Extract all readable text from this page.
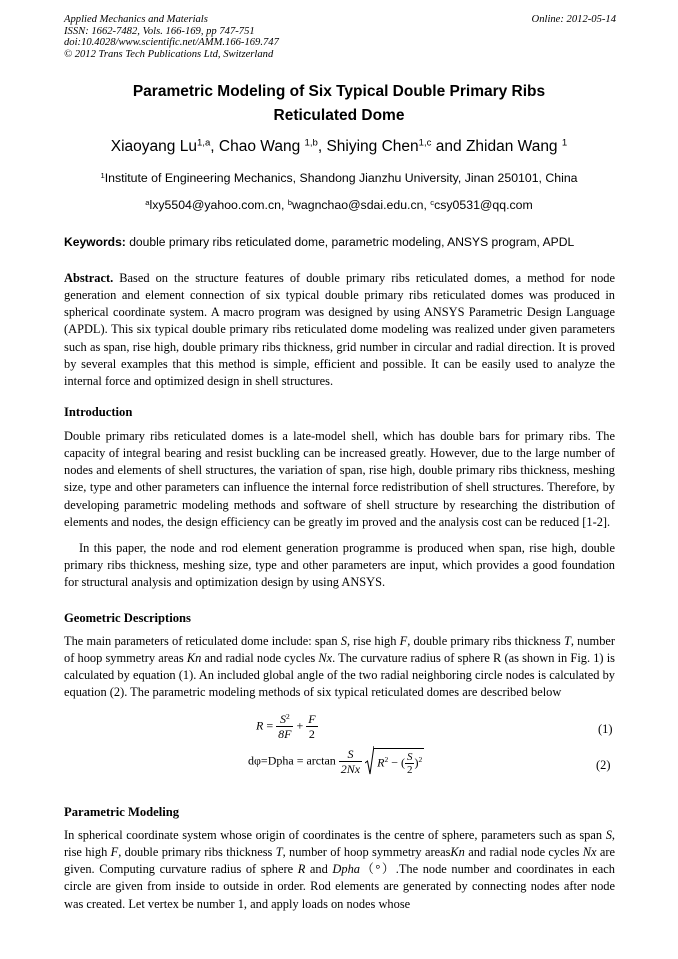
Applied Mechanics and Materials
ISSN: 1662-7482, Vols. 166-169, pp 747-751
doi:10.4028/www.scientific.net/AMM.166-169.747
© 2012 Trans Tech Publications Ltd, Switzerland
Online: 2012-05-14
Parametric Modeling of Six Typical Double Primary Ribs
Reticulated Dome
Xiaoyang Lu$^{1,a}$, Chao Wang $^{1,b}$, Shiying Chen$^{1,c}$ and Zhidan Wang $^1$
$^1$Institute of Engineering Mechanics, Shandong Jianzhu University, Jinan 250101, China
$^a$lxy5504@yahoo.com.cn, $^b$wagnchao@sdai.edu.cn, $^c$csy0531@qq.com
Keywords: double primary ribs reticulated dome, parametric modeling, ANSYS program, APDL
Abstract. Based on the structure features of double primary ribs reticulated domes, a method for node generation and element connection of six typical double primary ribs reticulated domes was produced in spherical coordinate system. A macro program was designed by using ANSYS Parametric Design Language (APDL). This six typical double primary ribs reticulated dome modeling was realized under given parameters such as span, rise high, double primary ribs thickness, grid number in circular and radial direction. It is proved by several examples that this method is simple, efficient and possible. It can be easily used to analyze the internal force and optimized design in shell structures.
Introduction
Double primary ribs reticulated domes is a late-model shell, which has double bars for primary ribs. The capacity of integral bearing and resist buckling can be increased greatly. However, due to the large number of nodes and elements of shell structures, the variation of span, rise high, double primary ribs thickness, meshing size, type and other parameters can influence the internal force redistribution of shell structures. Therefore, by developing parametric modeling methods and software of shell structure by researching the distribution of elements and nodes, the design efficiency can be greatly im proved and the analysis cost can be reduced [1-2].
In this paper, the node and rod element generation programme is produced when span, rise high, double primary ribs thickness, meshing size, type and other parameters are input, which provides a good foundation for structural analysis and optimization design by using ANSYS.
Geometric Descriptions
The main parameters of reticulated dome include: span S, rise high F, double primary ribs thickness T, number of hoop symmetry areas Kn and radial node cycles Nx. The curvature radius of sphere R (as shown in Fig. 1) is calculated by equation (1). An included global angle of the two radial neighboring circle nodes is calculated by equation (2). The parametric modeling methods of six typical reticulated domes are described below
$R = \frac{S^2}{8F} + \frac{F}{2}$	(1)
dφ=Dpha = $\arctan \frac{S}{2Nx}$
$R^2$ − ( $\frac{S}{2} )^2$	(2)
Parametric Modeling
In spherical coordinate system whose origin of coordinates is the centre of sphere, parameters such as span S, rise high F, double primary ribs thickness T, number of hoop symmetry areasKn and radial node cycles Nx are given. Computing curvature radius of sphere R and Dpha（°）.The node number and coordinates in each circle are given from inside to outside in order. Rod elements are generated by connecting nodes after node was created. Let vertex be number 1, and apply loads on nodes whose
